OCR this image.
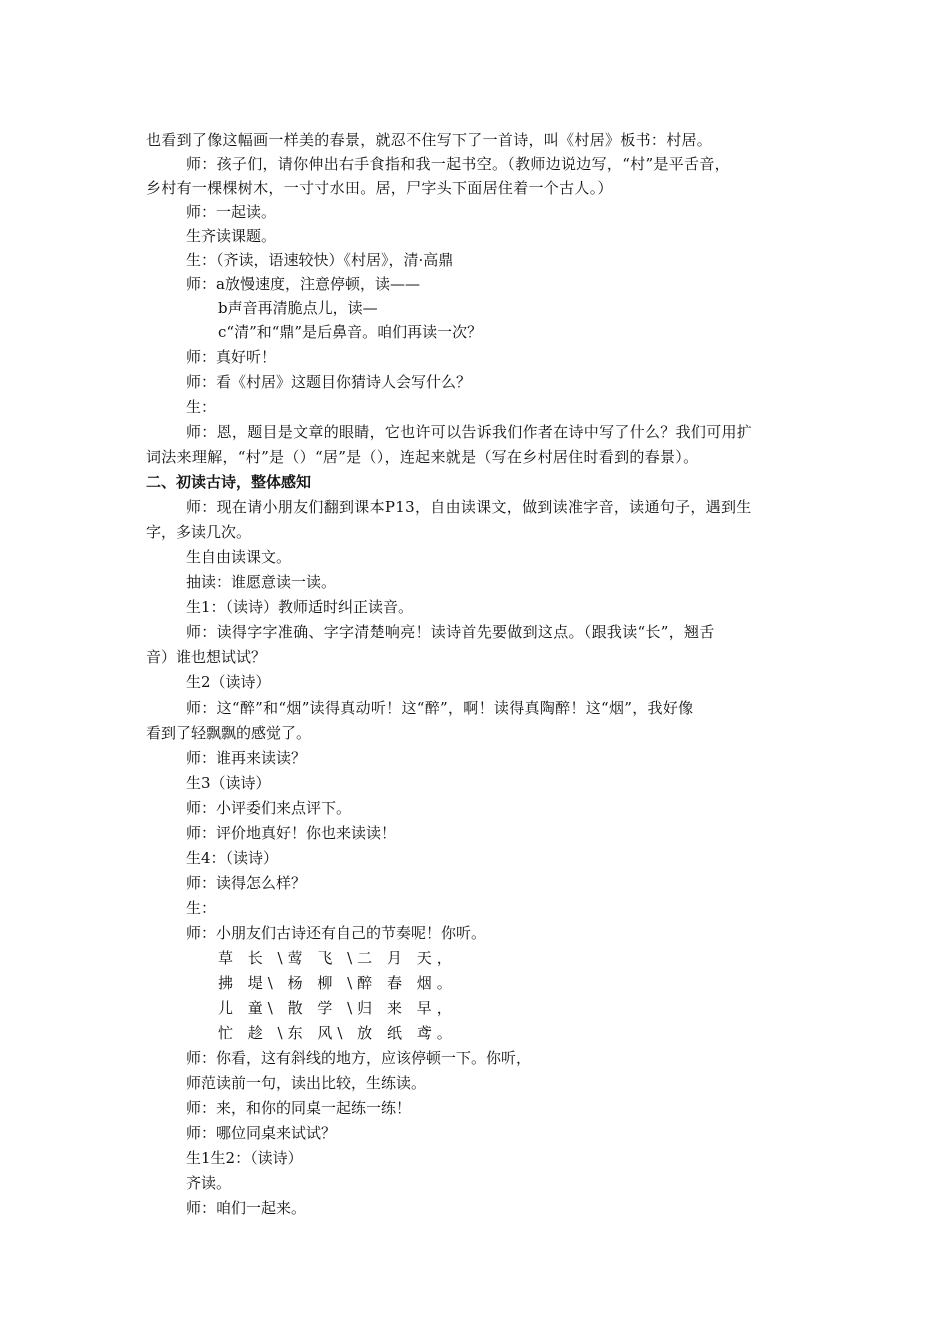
也看到了像这幅画一样美的春景，就忍不住写下了一首诗，叫《村居》板书：村居。
师：孩子们，请你伸出右手食指和我一起书空。（教师边说边写，“村”是平舌音，
乡村有一棵棵树木，一寸寸水田。居，尸字头下面居住着一个古人。）
师：一起读。
生齐读课题。
生：（齐读，语速较快）《村居》，清·高鼎
师：a放慢速度，注意停顿，读——
b声音再清脆点儿，读—
c“清”和“鼎”是后鼻音。咱们再读一次？
师：真好听！
师：看《村居》这题目你猜诗人会写什么？
生：
师：恩，题目是文章的眼睛，它也许可以告诉我们作者在诗中写了什么？我们可用扩
词法来理解，“村”是（）“居”是（），连起来就是（写在乡村居住时看到的春景）。
二、初读古诗，整体感知
师：现在请小朋友们翻到课本P13，自由读课文，做到读准字音，读通句子，遇到生
字，多读几次。
生自由读课文。
抽读：谁愿意读一读。
生1：（读诗）教师适时纠正读音。
师：读得字字准确、字字清楚响亮！读诗首先要做到这点。（跟我读“长”，翘舌
音）谁也想试试？
生2（读诗）
师：这“醉”和“烟”读得真动听！这“醉”，啊！读得真陶醉！这“烟”，我好像
看到了轻飘飘的感觉了。
师：谁再来读读？
生3（读诗）
师：小评委们来点评下。
师：评价地真好！你也来读读！
生4：（读诗）
师：读得怎么样？
生：
师：小朋友们古诗还有自己的节奏呢！你听。
草 长 \莺 飞 \二 月 天，
拂 堤\ 杨 柳 \醉 春 烟。
儿 童\ 散 学 \归 来 早，
忙 趁 \东 风\ 放 纸 鸢。
师：你看，这有斜线的地方，应该停顿一下。你听，
师范读前一句，读出比较，生练读。
师：来，和你的同桌一起练一练！
师：哪位同桌来试试？
生1生2：（读诗）
齐读。
师：咱们一起来。
